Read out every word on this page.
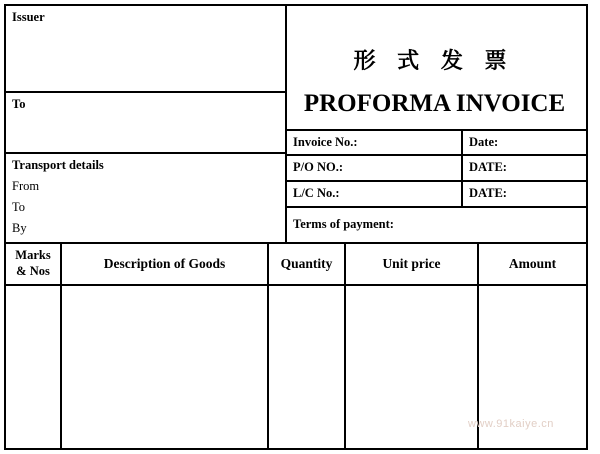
Issuer
To
Transport details
From
To
By
形 式 发 票
PROFORMA INVOICE
Invoice No.:	Date:
P/O NO.:	DATE:
L/C No.:	DATE:
Terms of payment:
Marks
& Nos	Description of Goods	Quantity	Unit price	Amount
www.91kaiye.cn
